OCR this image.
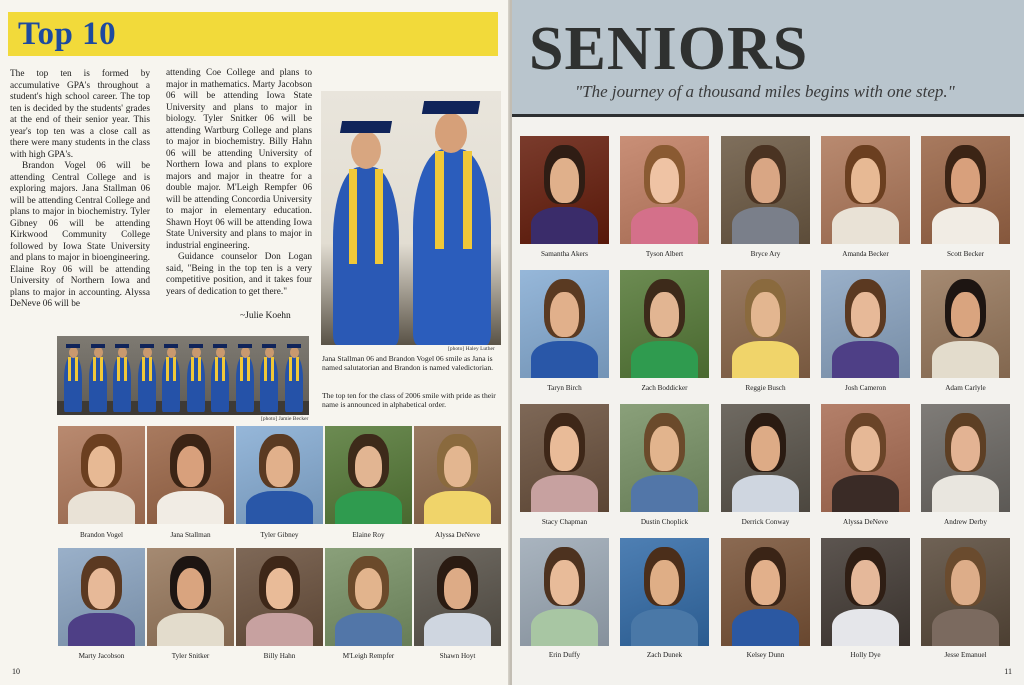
Top 10

The top ten is formed by accumulative GPA's throughout a student's high school career. The top ten is decided by the students' grades at the end of their senior year. This year's top ten was a close call as there were many students in the class with high GPA's.

Brandon Vogel 06 will be attending Central College and is exploring majors. Jana Stallman 06 will be attending Central College and plans to major in biochemistry. Tyler Gibney 06 will be attending Kirkwood Community College followed by Iowa State University and plans to major in bioengineering. Elaine Roy 06 will be attending University of Northern Iowa and plans to major in accounting. Alyssa DeNeve 06 will be

attending Coe College and plans to major in mathematics. Marty Jacobson 06 will be attending Iowa State University and plans to major in biology. Tyler Snitker 06 will be attending Wartburg College and plans to major in biochemistry. Billy Hahn 06 will be attending University of Northern Iowa and plans to explore majors and major in theatre for a double major. M'Leigh Rempfer 06 will be attending Concordia University to major in elementary education. Shawn Hoyt 06 will be attending Iowa State University and plans to major in industrial engineering.

Guidance counselor Don Logan said, "Being in the top ten is a very competitive position, and it takes four years of dedication to get there."

~Julie Koehn
[photo] Haley Luther
Jana Stallman 06 and Brandon Vogel 06 smile as Jana is named salutatorian and Brandon is named valedictorian.
The top ten for the class of 2006 smile with pride as their name is announced in alphabetical order.
[photo] Jamie Becker
Brandon Vogel	Jana Stallman	Tyler Gibney	Elaine Roy	Alyssa DeNeve
Marty Jacobson	Tyler Snitker	Billy Hahn	M'Leigh Rempfer	Shawn Hoyt
10
SENIORS
"The journey of a thousand miles begins with one step."
Samantha Akers	Tyson Albert	Bryce Ary	Amanda Becker	Scott Becker
Taryn Birch	Zach Boddicker	Reggie Busch	Josh Cameron	Adam Carlyle
Stacy Chapman	Dustin Choplick	Derrick Conway	Alyssa DeNeve	Andrew Derby
Erin Duffy	Zach Dunek	Kelsey Dunn	Holly Dye	Jesse Emanuel
11
